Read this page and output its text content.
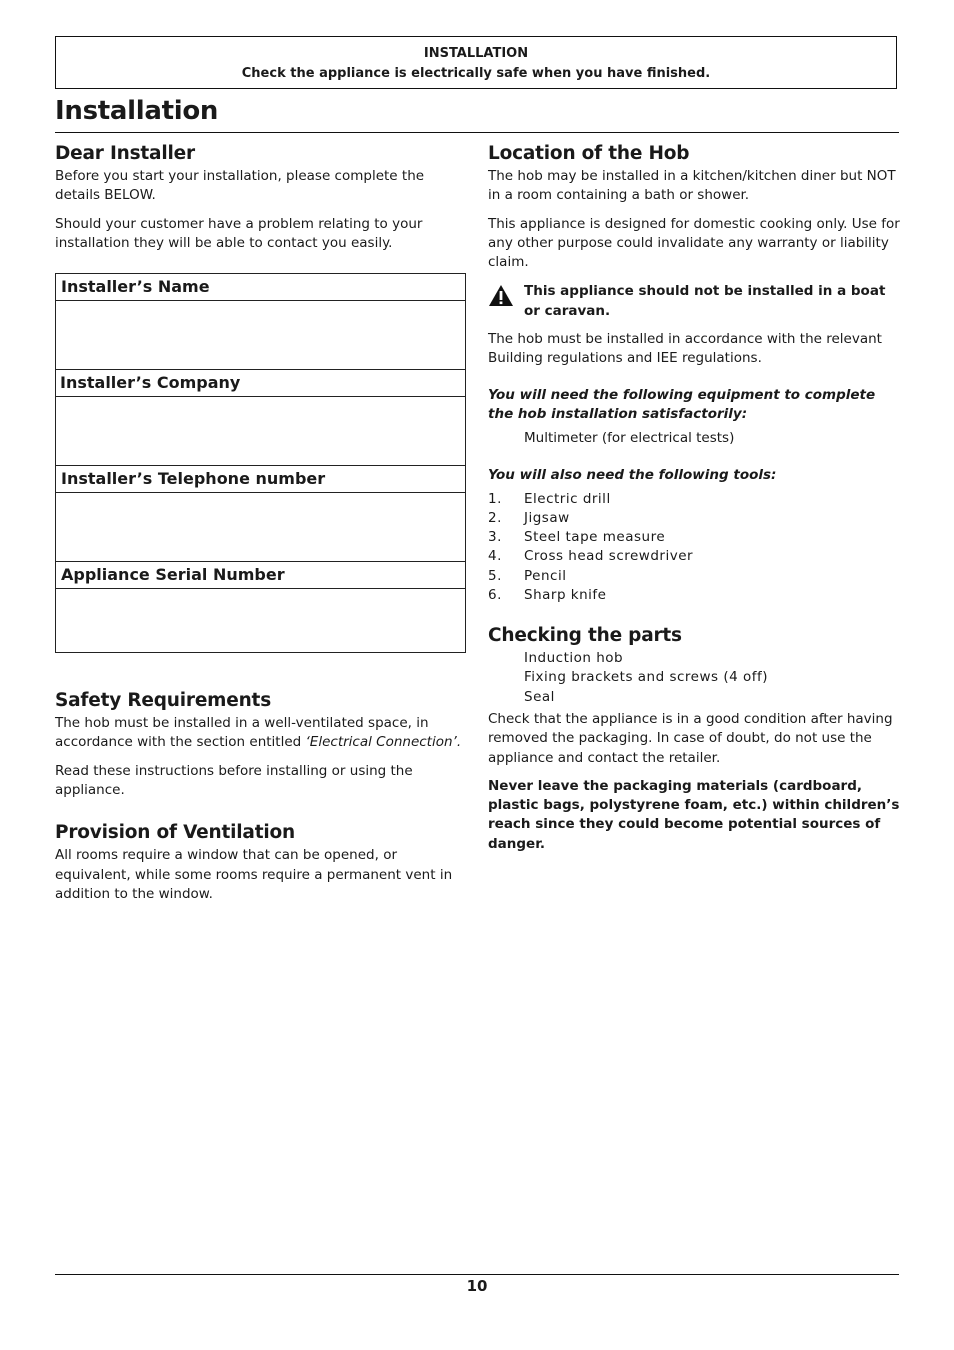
INSTALLATION
Check the appliance is electrically safe when you have finished.
Installation
Dear Installer

Before you start your installation, please complete the details BELOW.

Should your customer have a problem relating to your installation they will be able to contact you easily.

Installer’s Name
Installer’s Company
Installer’s Telephone number
Appliance Serial Number
Safety Requirements

The hob must be installed in a well-ventilated space, in accordance with the section entitled ‘Electrical Connection’.

Read these instructions before installing or using the appliance.

Provision of Ventilation

All rooms require a window that can be opened, or equivalent, while some rooms require a permanent vent in addition to the window.

Location of the Hob

The hob may be installed in a kitchen/kitchen diner but NOT in a room containing a bath or shower.

This appliance is designed for domestic cooking only. Use for any other purpose could invalidate any warranty or liability claim.

This appliance should not be installed in a boat or caravan.

The hob must be installed in accordance with the relevant Building regulations and IEE regulations.

You will need the following equipment to complete the hob installation satisfactorily:
Multimeter (for electrical tests)
You will also need the following tools:
1.	Electric drill
2.	Jigsaw
3.	Steel tape measure
4.	Cross head screwdriver
5.	Pencil
6.	Sharp knife
Checking the parts
Induction hob
Fixing brackets and screws (4 off)
Seal

Check that the appliance is in a good condition after having removed the packaging. In case of doubt, do not use the appliance and contact the retailer.

Never leave the packaging materials (cardboard, plastic bags, polystyrene foam, etc.) within children’s reach since they could become potential sources of danger.

10
